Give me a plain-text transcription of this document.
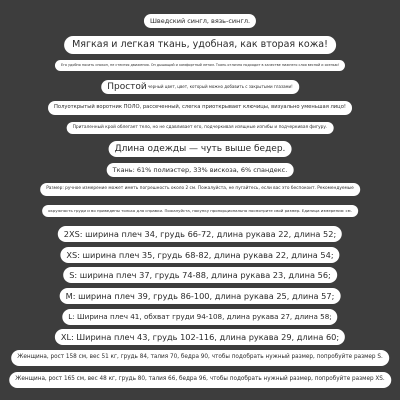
Шведский сингл, вязь-сингл.
Мягкая и легкая ткань, удобная, как вторая кожа!
Его удобно носить спокон, не стесняя движения. Он дышащий и комфортный летом. Ткань отлично подходит в качестве нижнего слоя весной и осенью!
Простой черный цвет, цвет, который можно добавить с закрытыми глазами!
Полуоткрытый воротник ПОЛО, рассеченный, слегка приоткрывает ключицы, визуально уменьшая лицо!
Приталенный крой облегает тело, но не сдавливает его, подчеркивая изящные изгибы и подчеркивая фигуру.
Длина одежды — чуть выше бедер.
Ткань: 61% полиэстер, 33% вискоза, 6% спандекс.
Размер: ручное измерение может иметь погрешность около 2 см. Пожалуйста, не пугайтесь, если вас это беспокоит. Рекомендуемые
окружность груди и во приведены только для справки. Пожалуйста, покупку пропорционально посмотрите свой размер. Единица измерения: см.
2XS: ширина плеч 34, грудь 66-72, длина рукава 22, длина 52;
XS: ширина плеч 35, грудь 68-82, длина рукава 22, длина 54;
S: ширина плеч 37, грудь 74-88, длина рукава 23, длина 56;
M: ширина плеч 39, грудь 86-100, длина рукава 25, длина 57;
L: Ширина плеч 41, обхват груди 94-108, длина рукава 27, длина 58;
XL: Ширина плеч 43, грудь 102-116, длина рукава 29, длина 60;
Женщина, рост 158 см, вес 51 кг, грудь 84, талия 70, бедра 90, чтобы подобрать нужный размер, попробуйте размер S.
Женщина, рост 165 см, вес 48 кг, грудь 80, талия 66, бедра 96, чтобы подобрать нужный размер, попробуйте размер XS.
